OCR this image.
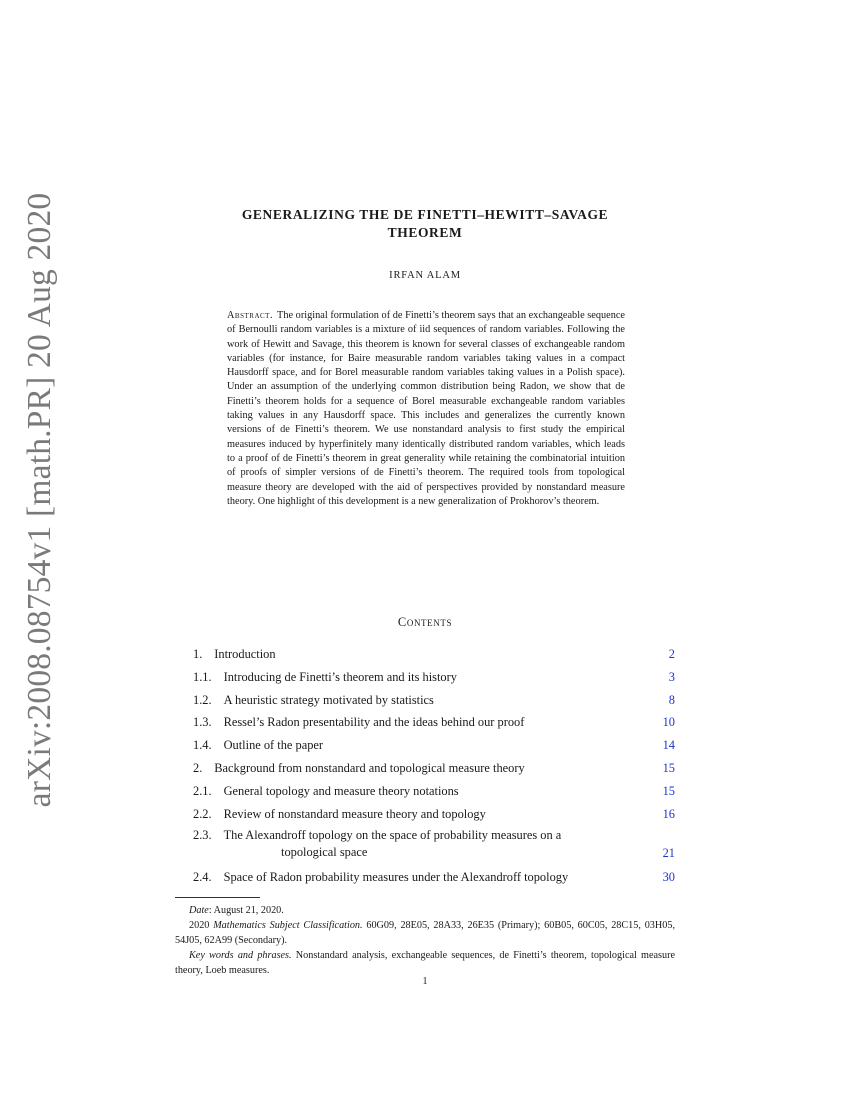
arXiv:2008.08754v1 [math.PR] 20 Aug 2020	GENERALIZING THE DE FINETTI–HEWITT–SAVAGE
THEOREM
IRFAN ALAM
Abstract. The original formulation of de Finetti’s theorem says that an exchangeable sequence of Bernoulli random variables is a mixture of iid sequences of random variables. Following the work of Hewitt and Savage, this theorem is known for several classes of exchangeable random variables (for instance, for Baire measurable random variables taking values in a compact Hausdorff space, and for Borel measurable random variables taking values in a Polish space). Under an assumption of the underlying common distribution being Radon, we show that de Finetti’s theorem holds for a sequence of Borel measurable exchangeable random variables taking values in any Hausdorff space. This includes and generalizes the currently known versions of de Finetti’s theorem. We use nonstandard analysis to first study the empirical measures induced by hyperfinitely many identically distributed random variables, which leads to a proof of de Finetti’s theorem in great generality while retaining the combinatorial intuition of proofs of simpler versions of de Finetti’s theorem. The required tools from topological measure theory are developed with the aid of perspectives provided by nonstandard measure theory. One highlight of this development is a new generalization of Prokhorov’s theorem.
Contents
1. Introduction	2
1.1. Introducing de Finetti’s theorem and its history	3
1.2. A heuristic strategy motivated by statistics	8
1.3. Ressel’s Radon presentability and the ideas behind our proof	10
1.4. Outline of the paper	14
2. Background from nonstandard and topological measure theory	15
2.1. General topology and measure theory notations	15
2.2. Review of nonstandard measure theory and topology	16
2.3. The Alexandroff topology on the space of probability measures on a
topological space	21
2.4. Space of Radon probability measures under the Alexandroff topology	30

Date: August 21, 2020.

2020 Mathematics Subject Classification. 60G09, 28E05, 28A33, 26E35 (Primary); 60B05, 60C05, 28C15, 03H05, 54J05, 62A99 (Secondary).

Key words and phrases. Nonstandard analysis, exchangeable sequences, de Finetti’s theorem, topological measure theory, Loeb measures.

1
